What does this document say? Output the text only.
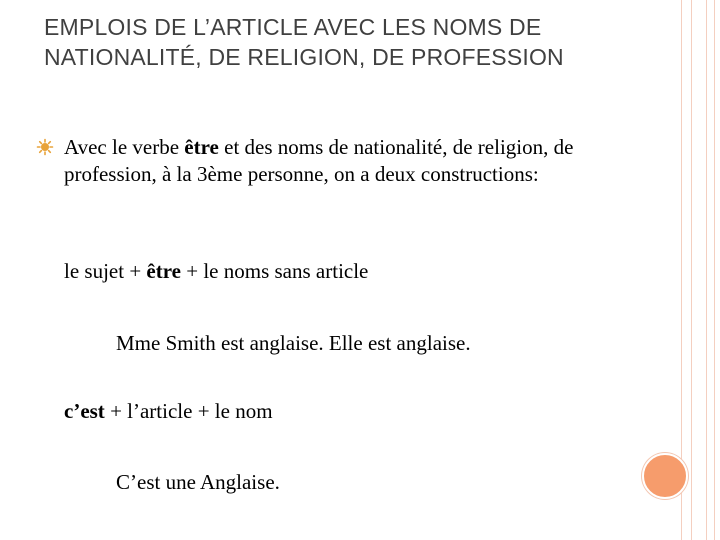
EMPLOIS DE L’ARTICLE AVEC LES NOMS DE NATIONALITÉ, DE RELIGION, DE PROFESSION
Avec le verbe être et des noms de nationalité, de religion, de profession, à la 3ème personne, on a deux constructions:
le sujet + être + le noms sans article
Mme Smith est anglaise. Elle est anglaise.
c’est + l’article + le nom
C’est une Anglaise.
